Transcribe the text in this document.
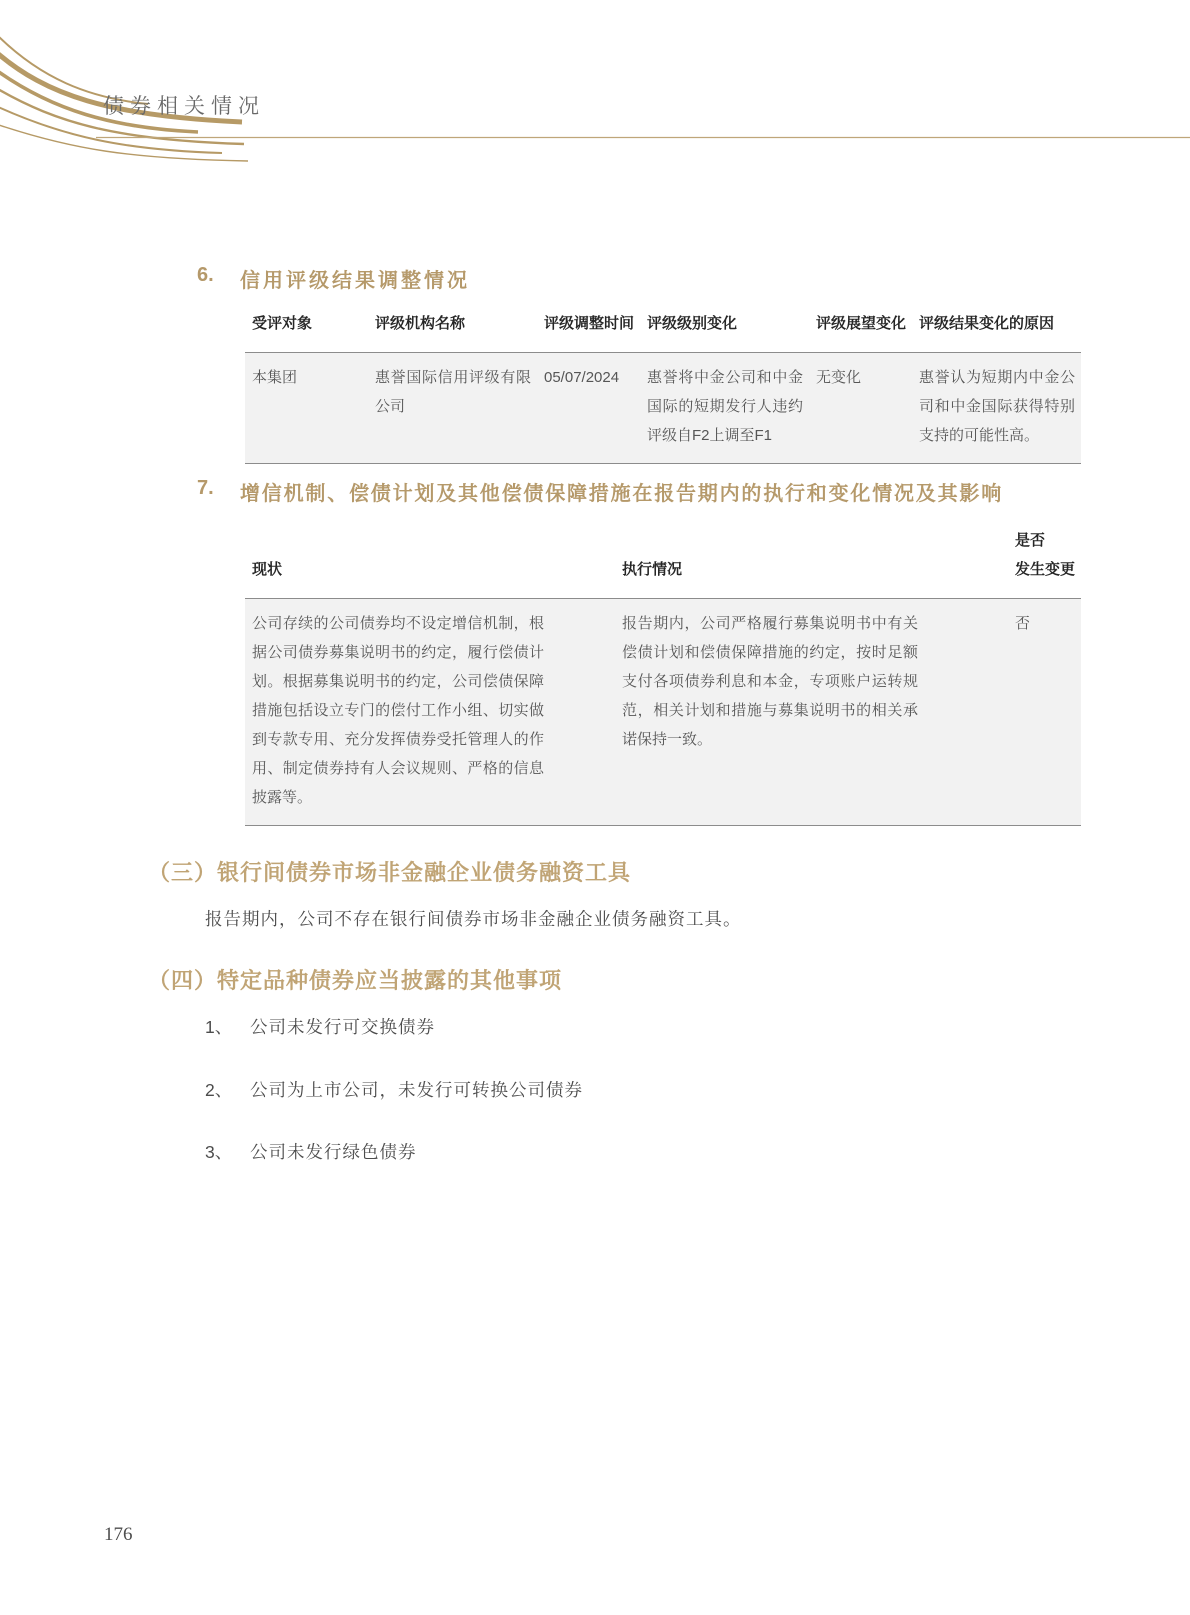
债券相关情况
6.	信用评级结果调整情况
受评对象	评级机构名称	评级调整时间	评级级别变化	评级展望变化	评级结果变化的原因
本集团	惠誉国际信用评级有限公司	05/07/2024	惠誉将中金公司和中金国际的短期发行人违约评级自F2上调至F1	无变化	惠誉认为短期内中金公司和中金国际获得特别支持的可能性高。
7.	增信机制、偿债计划及其他偿债保障措施在报告期内的执行和变化情况及其影响
现状	执行情况	是否
发生变更
公司存续的公司债券均不设定增信机制，根据公司债券募集说明书的约定，履行偿债计划。根据募集说明书的约定，公司偿债保障措施包括设立专门的偿付工作小组、切实做到专款专用、充分发挥债券受托管理人的作用、制定债券持有人会议规则、严格的信息披露等。	报告期内，公司严格履行募集说明书中有关偿债计划和偿债保障措施的约定，按时足额支付各项债券利息和本金，专项账户运转规范，相关计划和措施与募集说明书的相关承诺保持一致。	否
（三）银行间债券市场非金融企业债务融资工具
报告期内，公司不存在银行间债券市场非金融企业债务融资工具。
（四）特定品种债券应当披露的其他事项
1、	公司未发行可交换债券
2、	公司为上市公司，未发行可转换公司债券
3、	公司未发行绿色债券
176
